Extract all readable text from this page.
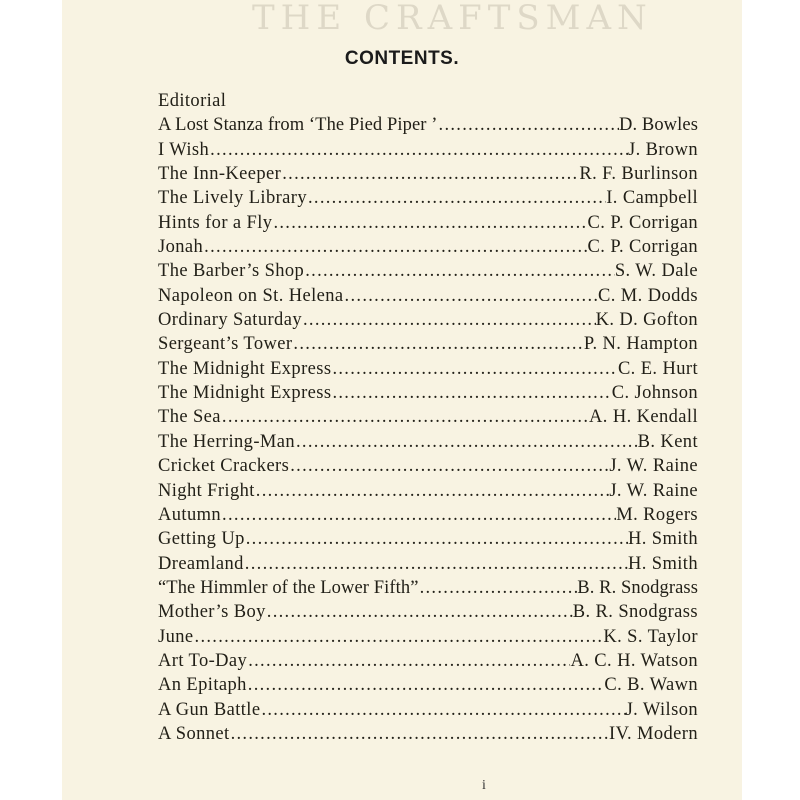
THE CRAFTSMAN
CONTENTS.
Editorial
A Lost Stanza from ‘The Pied Piper ’ .....	D. Bowles
I Wish .....	J. Brown
The Inn-Keeper .....	R. F. Burlinson
The Lively Library .....	I. Campbell
Hints for a Fly .....	C. P. Corrigan
Jonah .....	C. P. Corrigan
The Barber’s Shop .....	S. W. Dale
Napoleon on St. Helena .....	C. M. Dodds
Ordinary Saturday .....	K. D. Gofton
Sergeant’s Tower .....	P. N. Hampton
The Midnight Express .....	C. E. Hurt
The Midnight Express .....	C. Johnson
The Sea .....	A. H. Kendall
The Herring-Man .....	B. Kent
Cricket Crackers .....	J. W. Raine
Night Fright .....	J. W. Raine
Autumn .....	M. Rogers
Getting Up .....	H. Smith
Dreamland .....	H. Smith
“The Himmler of the Lower Fifth” .....	B. R. Snodgrass
Mother’s Boy .....	B. R. Snodgrass
June .....	K. S. Taylor
Art To-Day .....	A. C. H. Watson
An Epitaph .....	C. B. Wawn
A Gun Battle .....	J. Wilson
A Sonnet .....	IV. Modern
i
